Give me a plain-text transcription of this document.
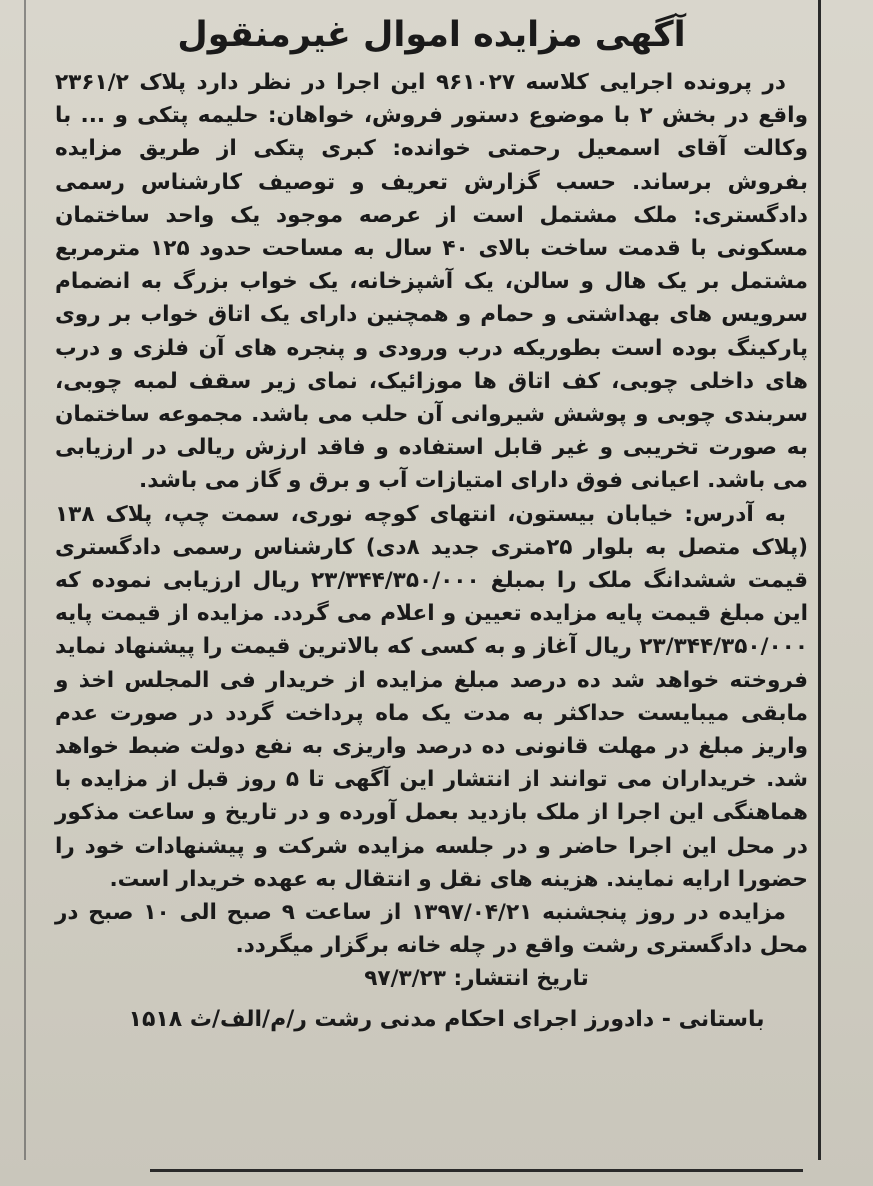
آگهی مزایده اموال غیرمنقول

در پرونده اجرایی کلاسه ۹۶۱۰۲۷ این اجرا در نظر دارد پلاک ۲۳۶۱/۲ واقع در بخش ۲ با موضوع دستور فروش، خواهان: حلیمه پتکی و ... با وکالت آقای اسمعیل رحمتی خوانده: کبری پتکی از طریق مزایده بفروش برساند. حسب گزارش تعریف و توصیف کارشناس رسمی دادگستری: ملک مشتمل است از عرصه موجود یک واحد ساختمان مسکونی با قدمت ساخت بالای ۴۰ سال به مساحت حدود ۱۲۵ مترمربع مشتمل بر یک هال و سالن، یک آشپزخانه، یک خواب بزرگ به انضمام سرویس های بهداشتی و حمام و همچنین دارای یک اتاق خواب بر روی پارکینگ بوده است بطوریکه درب ورودی و پنجره های آن فلزی و درب های داخلی چوبی، کف اتاق ها موزائیک، نمای زیر سقف لمبه چوبی، سربندی چوبی و پوشش شیروانی آن حلب می باشد. مجموعه ساختمان به صورت تخریبی و غیر قابل استفاده و فاقد ارزش ریالی در ارزیابی می باشد. اعیانی فوق دارای امتیازات آب و برق و گاز می باشد.

به آدرس: خیابان بیستون، انتهای کوچه نوری، سمت چپ، پلاک ۱۳۸ (پلاک متصل به بلوار ۲۵متری جدید ۸دی) کارشناس رسمی دادگستری قیمت ششدانگ ملک را بمبلغ ۲۳/۳۴۴/۳۵۰/۰۰۰ ریال ارزیابی نموده که این مبلغ قیمت پایه مزایده تعیین و اعلام می گردد. مزایده از قیمت پایه ۲۳/۳۴۴/۳۵۰/۰۰۰ ریال آغاز و به کسی که بالاترین قیمت را پیشنهاد نماید فروخته خواهد شد ده درصد مبلغ مزایده از خریدار فی المجلس اخذ و مابقی میبایست حداکثر به مدت یک ماه پرداخت گردد در صورت عدم واریز مبلغ در مهلت قانونی ده درصد واریزی به نفع دولت ضبط خواهد شد. خریداران می توانند از انتشار این آگهی تا ۵ روز قبل از مزایده با هماهنگی این اجرا از ملک بازدید بعمل آورده و در تاریخ و ساعت مذکور در محل این اجرا حاضر و در جلسه مزایده شرکت و پیشنهادات خود را حضورا ارایه نمایند. هزینه های نقل و انتقال به عهده خریدار است.

مزایده در روز پنجشنبه ۱۳۹۷/۰۴/۲۱ از ساعت ۹ صبح الی ۱۰ صبح در محل دادگستری رشت واقع در چله خانه برگزار میگردد.

تاریخ انتشار: ۹۷/۳/۲۳

باستانی - دادورز اجرای احکام مدنی رشت ر/م/الف/ث ۱۵۱۸
